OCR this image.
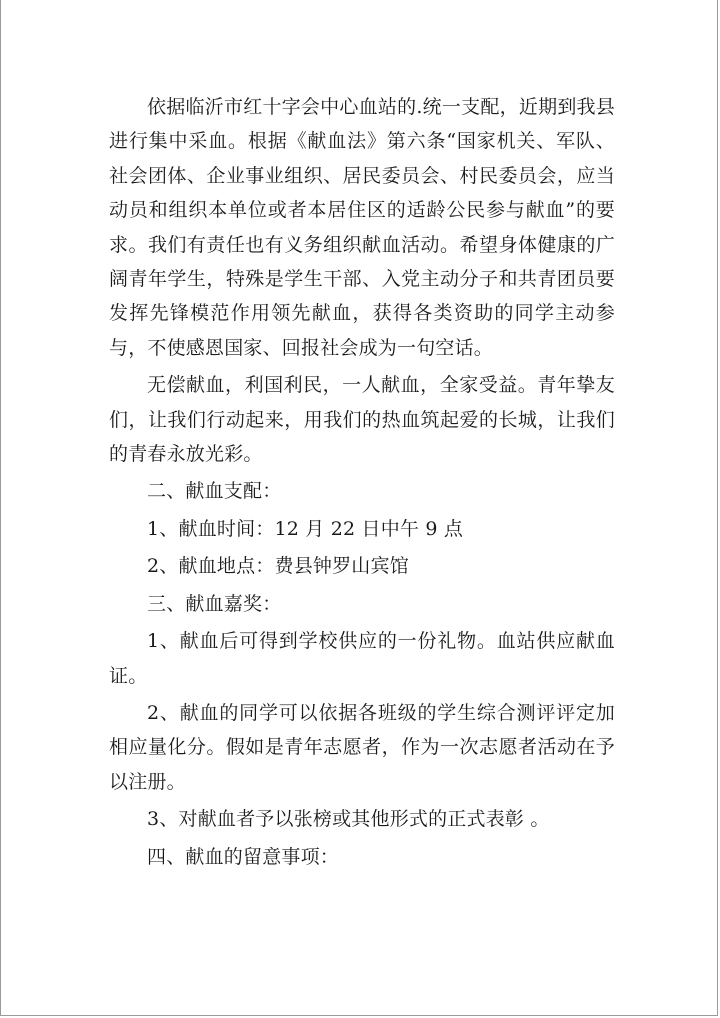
依据临沂市红十字会中心血站的.统一支配，近期到我县进行集中采血。根据《献血法》第六条“国家机关、军队、社会团体、企业事业组织、居民委员会、村民委员会，应当动员和组织本单位或者本居住区的适龄公民参与献血”的要求。我们有责任也有义务组织献血活动。希望身体健康的广阔青年学生，特殊是学生干部、入党主动分子和共青团员要发挥先锋模范作用领先献血，获得各类资助的同学主动参与，不使感恩国家、回报社会成为一句空话。

无偿献血，利国利民，一人献血，全家受益。青年挚友们，让我们行动起来，用我们的热血筑起爱的长城，让我们的青春永放光彩。

二、献血支配：

1、献血时间：12 月 22 日中午 9 点

2、献血地点：费县钟罗山宾馆

三、献血嘉奖：

1、献血后可得到学校供应的一份礼物。血站供应献血证。

2、献血的同学可以依据各班级的学生综合测评评定加相应量化分。假如是青年志愿者，作为一次志愿者活动在予以注册。

3、对献血者予以张榜或其他形式的正式表彰 。

四、献血的留意事项：
